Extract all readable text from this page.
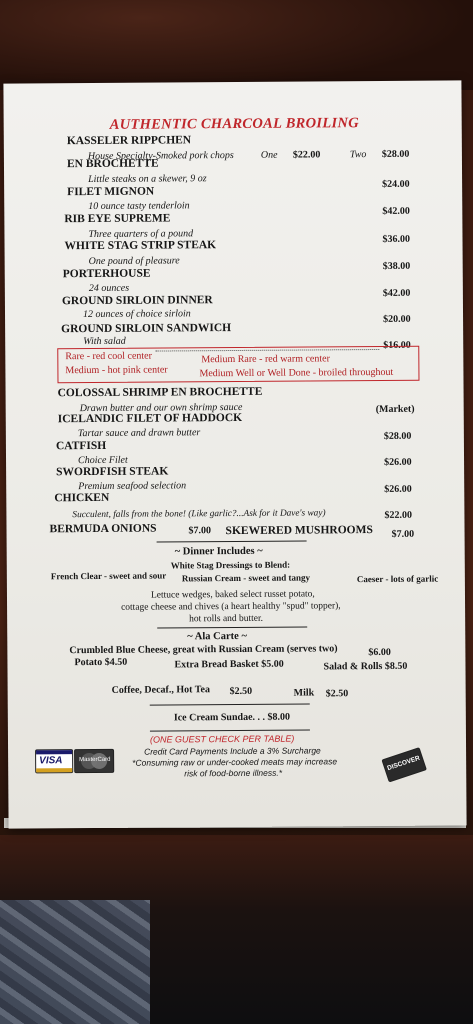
AUTHENTIC CHARCOAL BROILING
KASSELER RIPPCHEN
House Specialty-Smoked pork chops	One $22.00	Two $28.00
EN BROCHETTE
Little steaks on a skewer, 9 oz	$24.00
FILET MIGNON
10 ounce tasty tenderloin	$42.00
RIB EYE SUPREME
Three quarters of a pound	$36.00
WHITE STAG STRIP STEAK
One pound of pleasure	$38.00
PORTERHOUSE
24 ounces	$42.00
GROUND SIRLOIN DINNER
12 ounces of choice sirloin	$20.00
GROUND SIRLOIN SANDWICH
With salad	$16.00
Rare - red cool center	Medium Rare - red warm center
Medium - hot pink center	Medium Well or Well Done - broiled throughout
COLOSSAL SHRIMP EN BROCHETTE
Drawn butter and our own shrimp sauce	(Market)
ICELANDIC FILET OF HADDOCK
Tartar sauce and drawn butter	$28.00
CATFISH
Choice Filet	$26.00
SWORDFISH STEAK
Premium seafood selection	$26.00
CHICKEN
Succulent, falls from the bone! (Like garlic?...Ask for it Dave's way)	$22.00
BERMUDA ONIONS	$7.00 SKEWERED MUSHROOMS $7.00
~ Dinner Includes ~
White Stag Dressings to Blend:
French Clear - sweet and sour Russian Cream - sweet and tangy	Caeser - lots of garlic
Lettuce wedges, baked select russet potato,
cottage cheese and chives (a heart healthy "spud" topper),
hot rolls and butter.
~ Ala Carte ~
Crumbled Blue Cheese, great with Russian Cream (serves two)	$6.00
Potato $4.50	Extra Bread Basket $5.00	Salad & Rolls $8.50
Coffee, Decaf., Hot Tea $2.50	Milk $2.50
Ice Cream Sundae. . . $8.00
(ONE GUEST CHECK PER TABLE)
Credit Card Payments Include a 3% Surcharge
*Consuming raw or under-cooked meats may increase
risk of food-borne illness.*
VISA	MasterCard	DISCOVER
